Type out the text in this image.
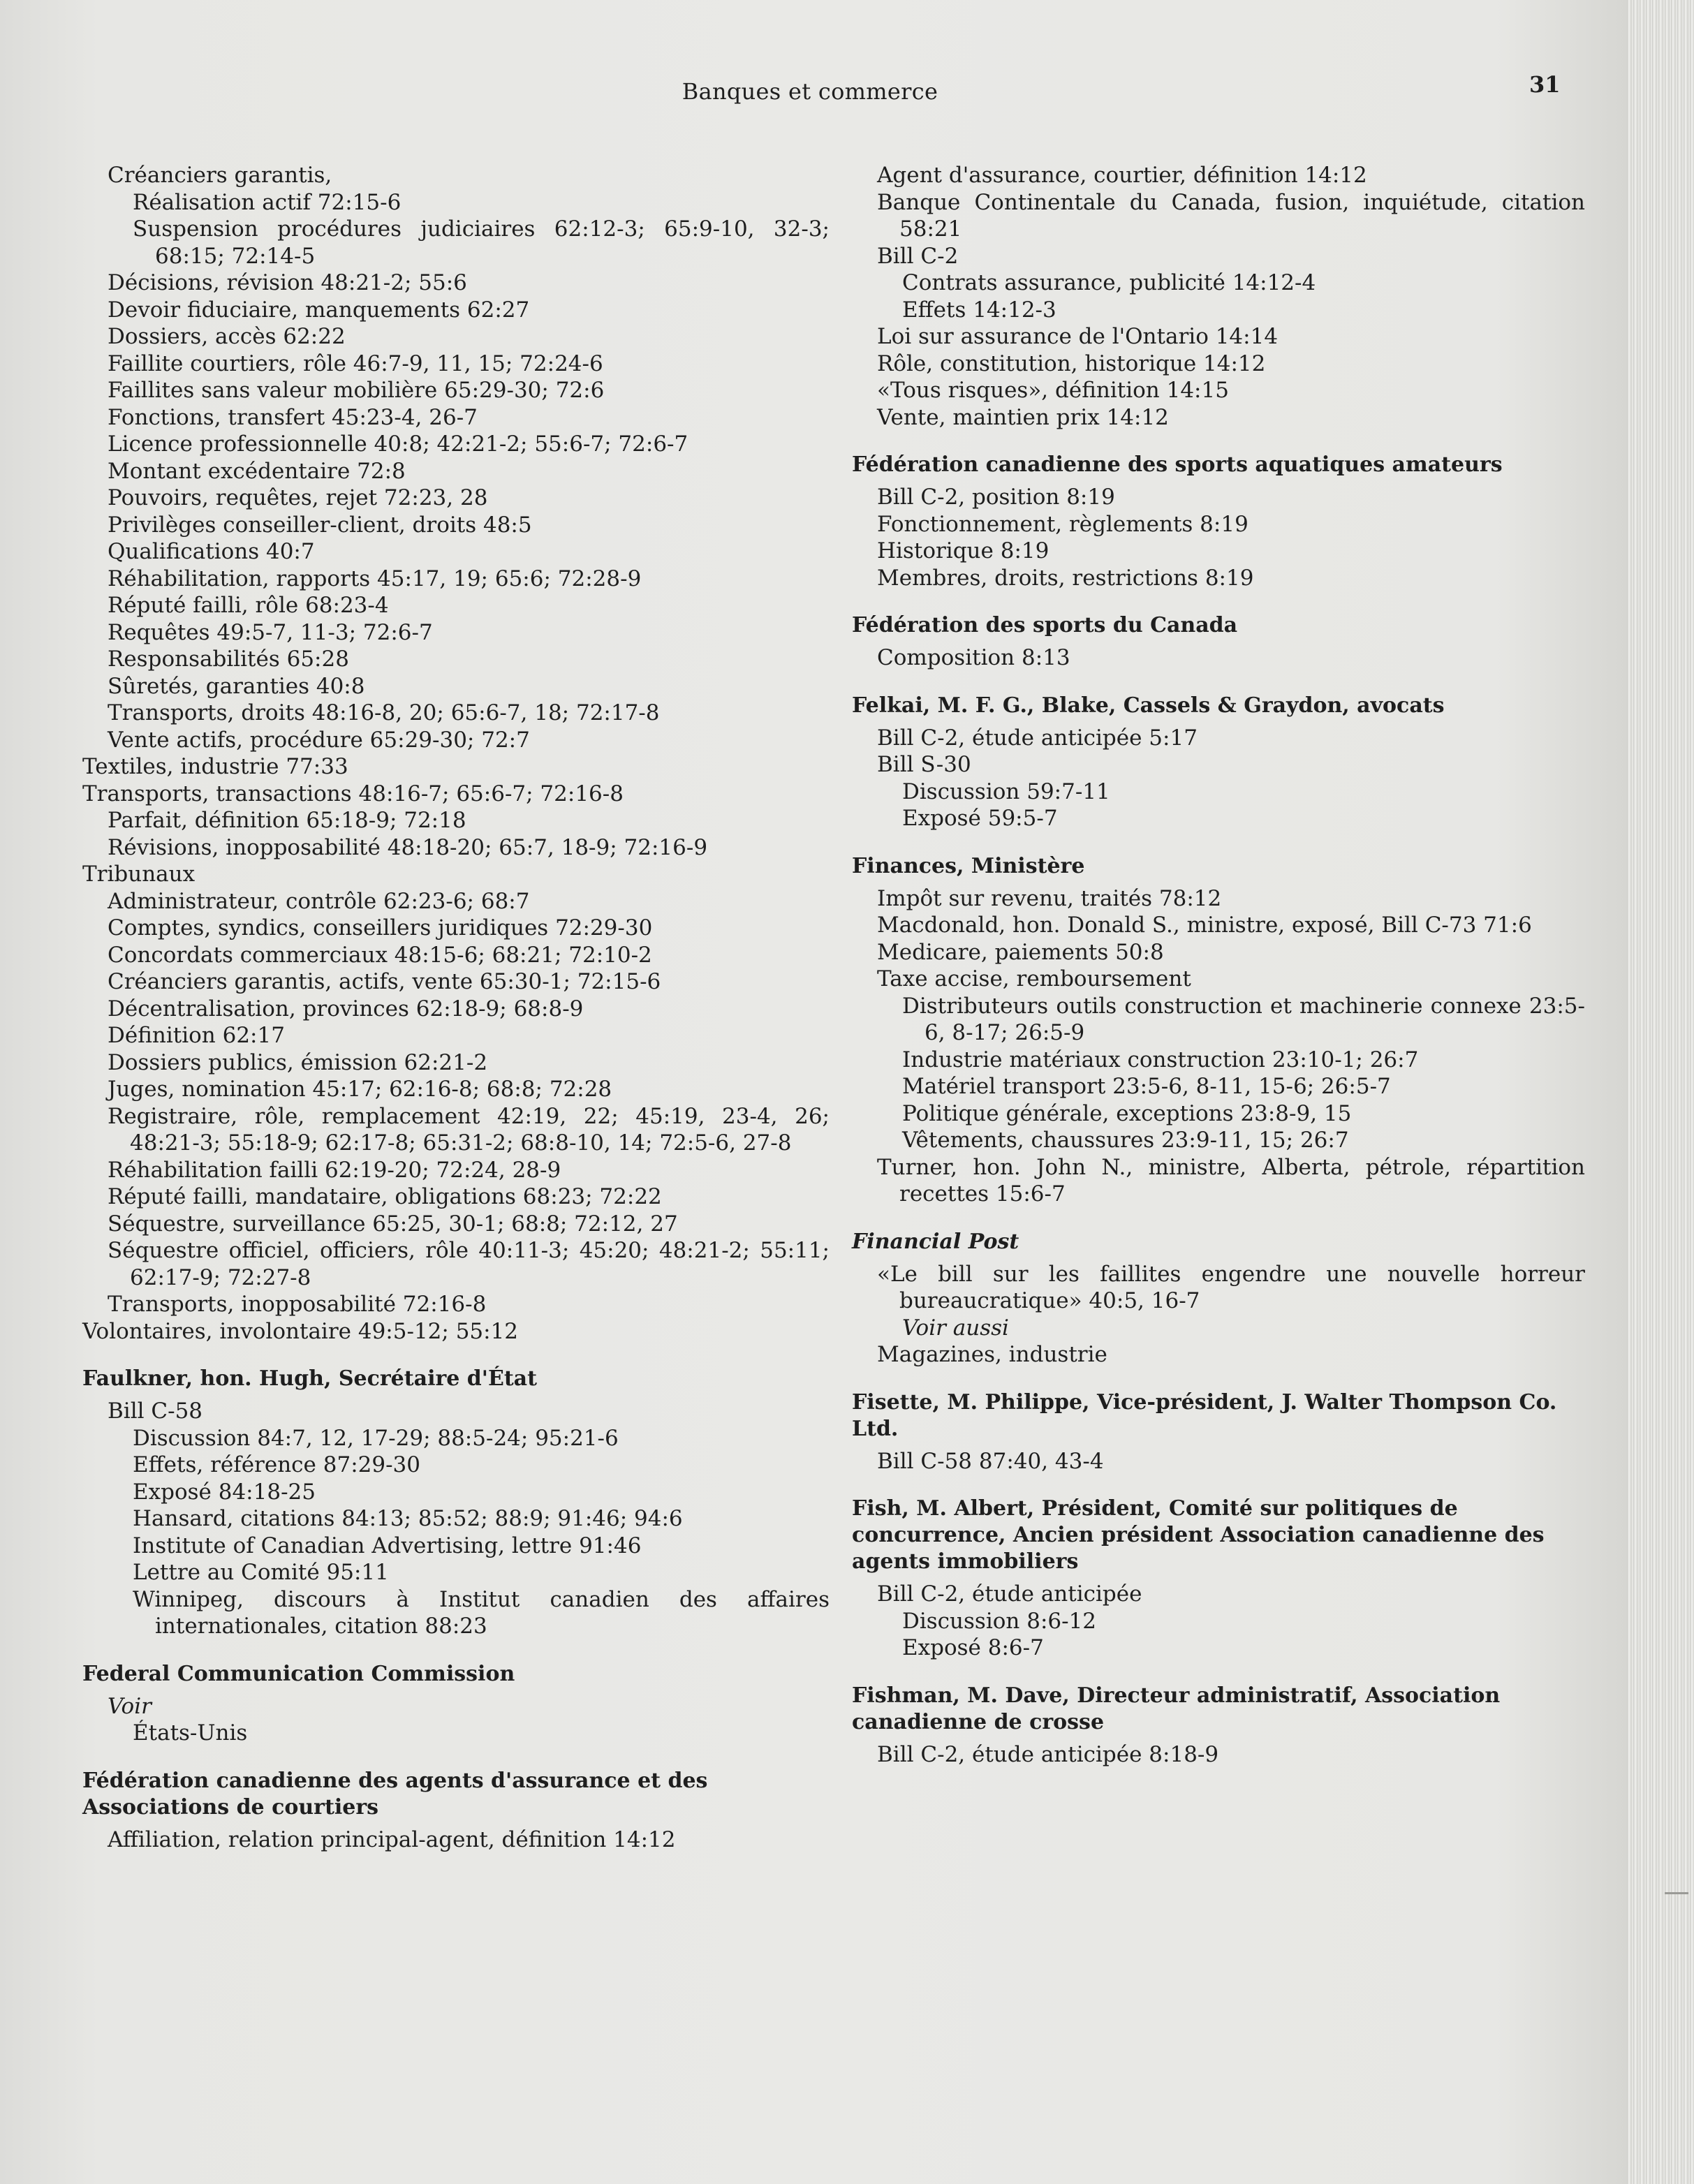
Banques et commerce	31
Créanciers garantis,
Réalisation actif 72:15-6
Suspension procédures judiciaires 62:12-3; 65:9-10, 32-3; 68:15; 72:14-5
Décisions, révision 48:21-2; 55:6
Devoir fiduciaire, manquements 62:27
Dossiers, accès 62:22
Faillite courtiers, rôle 46:7-9, 11, 15; 72:24-6
Faillites sans valeur mobilière 65:29-30; 72:6
Fonctions, transfert 45:23-4, 26-7
Licence professionnelle 40:8; 42:21-2; 55:6-7; 72:6-7
Montant excédentaire 72:8
Pouvoirs, requêtes, rejet 72:23, 28
Privilèges conseiller-client, droits 48:5
Qualifications 40:7
Réhabilitation, rapports 45:17, 19; 65:6; 72:28-9
Réputé failli, rôle 68:23-4
Requêtes 49:5-7, 11-3; 72:6-7
Responsabilités 65:28
Sûretés, garanties 40:8
Transports, droits 48:16-8, 20; 65:6-7, 18; 72:17-8
Vente actifs, procédure 65:29-30; 72:7
Textiles, industrie 77:33
Transports, transactions 48:16-7; 65:6-7; 72:16-8
Parfait, définition 65:18-9; 72:18
Révisions, inopposabilité 48:18-20; 65:7, 18-9; 72:16-9
Tribunaux
Administrateur, contrôle 62:23-6; 68:7
Comptes, syndics, conseillers juridiques 72:29-30
Concordats commerciaux 48:15-6; 68:21; 72:10-2
Créanciers garantis, actifs, vente 65:30-1; 72:15-6
Décentralisation, provinces 62:18-9; 68:8-9
Définition 62:17
Dossiers publics, émission 62:21-2
Juges, nomination 45:17; 62:16-8; 68:8; 72:28
Registraire, rôle, remplacement 42:19, 22; 45:19, 23-4, 26; 48:21-3; 55:18-9; 62:17-8; 65:31-2; 68:8-10, 14; 72:5-6, 27-8
Réhabilitation failli 62:19-20; 72:24, 28-9
Réputé failli, mandataire, obligations 68:23; 72:22
Séquestre, surveillance 65:25, 30-1; 68:8; 72:12, 27
Séquestre officiel, officiers, rôle 40:11-3; 45:20; 48:21-2; 55:11; 62:17-9; 72:27-8
Transports, inopposabilité 72:16-8
Volontaires, involontaire 49:5-12; 55:12
Faulkner, hon. Hugh, Secrétaire d'État
Bill C-58
Discussion 84:7, 12, 17-29; 88:5-24; 95:21-6
Effets, référence 87:29-30
Exposé 84:18-25
Hansard, citations 84:13; 85:52; 88:9; 91:46; 94:6
Institute of Canadian Advertising, lettre 91:46
Lettre au Comité 95:11
Winnipeg, discours à Institut canadien des affaires internationales, citation 88:23
Federal Communication Commission
Voir
États-Unis
Fédération canadienne des agents d'assurance et des Associations de courtiers
Affiliation, relation principal-agent, définition 14:12
Agent d'assurance, courtier, définition 14:12
Banque Continentale du Canada, fusion, inquiétude, citation 58:21
Bill C-2
Contrats assurance, publicité 14:12-4
Effets 14:12-3
Loi sur assurance de l'Ontario 14:14
Rôle, constitution, historique 14:12
«Tous risques», définition 14:15
Vente, maintien prix 14:12
Fédération canadienne des sports aquatiques amateurs
Bill C-2, position 8:19
Fonctionnement, règlements 8:19
Historique 8:19
Membres, droits, restrictions 8:19
Fédération des sports du Canada
Composition 8:13
Felkai, M. F. G., Blake, Cassels & Graydon, avocats
Bill C-2, étude anticipée 5:17
Bill S-30
Discussion 59:7-11
Exposé 59:5-7
Finances, Ministère
Impôt sur revenu, traités 78:12
Macdonald, hon. Donald S., ministre, exposé, Bill C-73 71:6
Medicare, paiements 50:8
Taxe accise, remboursement
Distributeurs outils construction et machinerie connexe 23:5-6, 8-17; 26:5-9
Industrie matériaux construction 23:10-1; 26:7
Matériel transport 23:5-6, 8-11, 15-6; 26:5-7
Politique générale, exceptions 23:8-9, 15
Vêtements, chaussures 23:9-11, 15; 26:7
Turner, hon. John N., ministre, Alberta, pétrole, répartition recettes 15:6-7
Financial Post
«Le bill sur les faillites engendre une nouvelle horreur bureaucratique» 40:5, 16-7
Voir aussi
Magazines, industrie
Fisette, M. Philippe, Vice-président, J. Walter Thompson Co. Ltd.
Bill C-58 87:40, 43-4
Fish, M. Albert, Président, Comité sur politiques de concurrence, Ancien président Association canadienne des agents immobiliers
Bill C-2, étude anticipée
Discussion 8:6-12
Exposé 8:6-7
Fishman, M. Dave, Directeur administratif, Association canadienne de crosse
Bill C-2, étude anticipée 8:18-9
